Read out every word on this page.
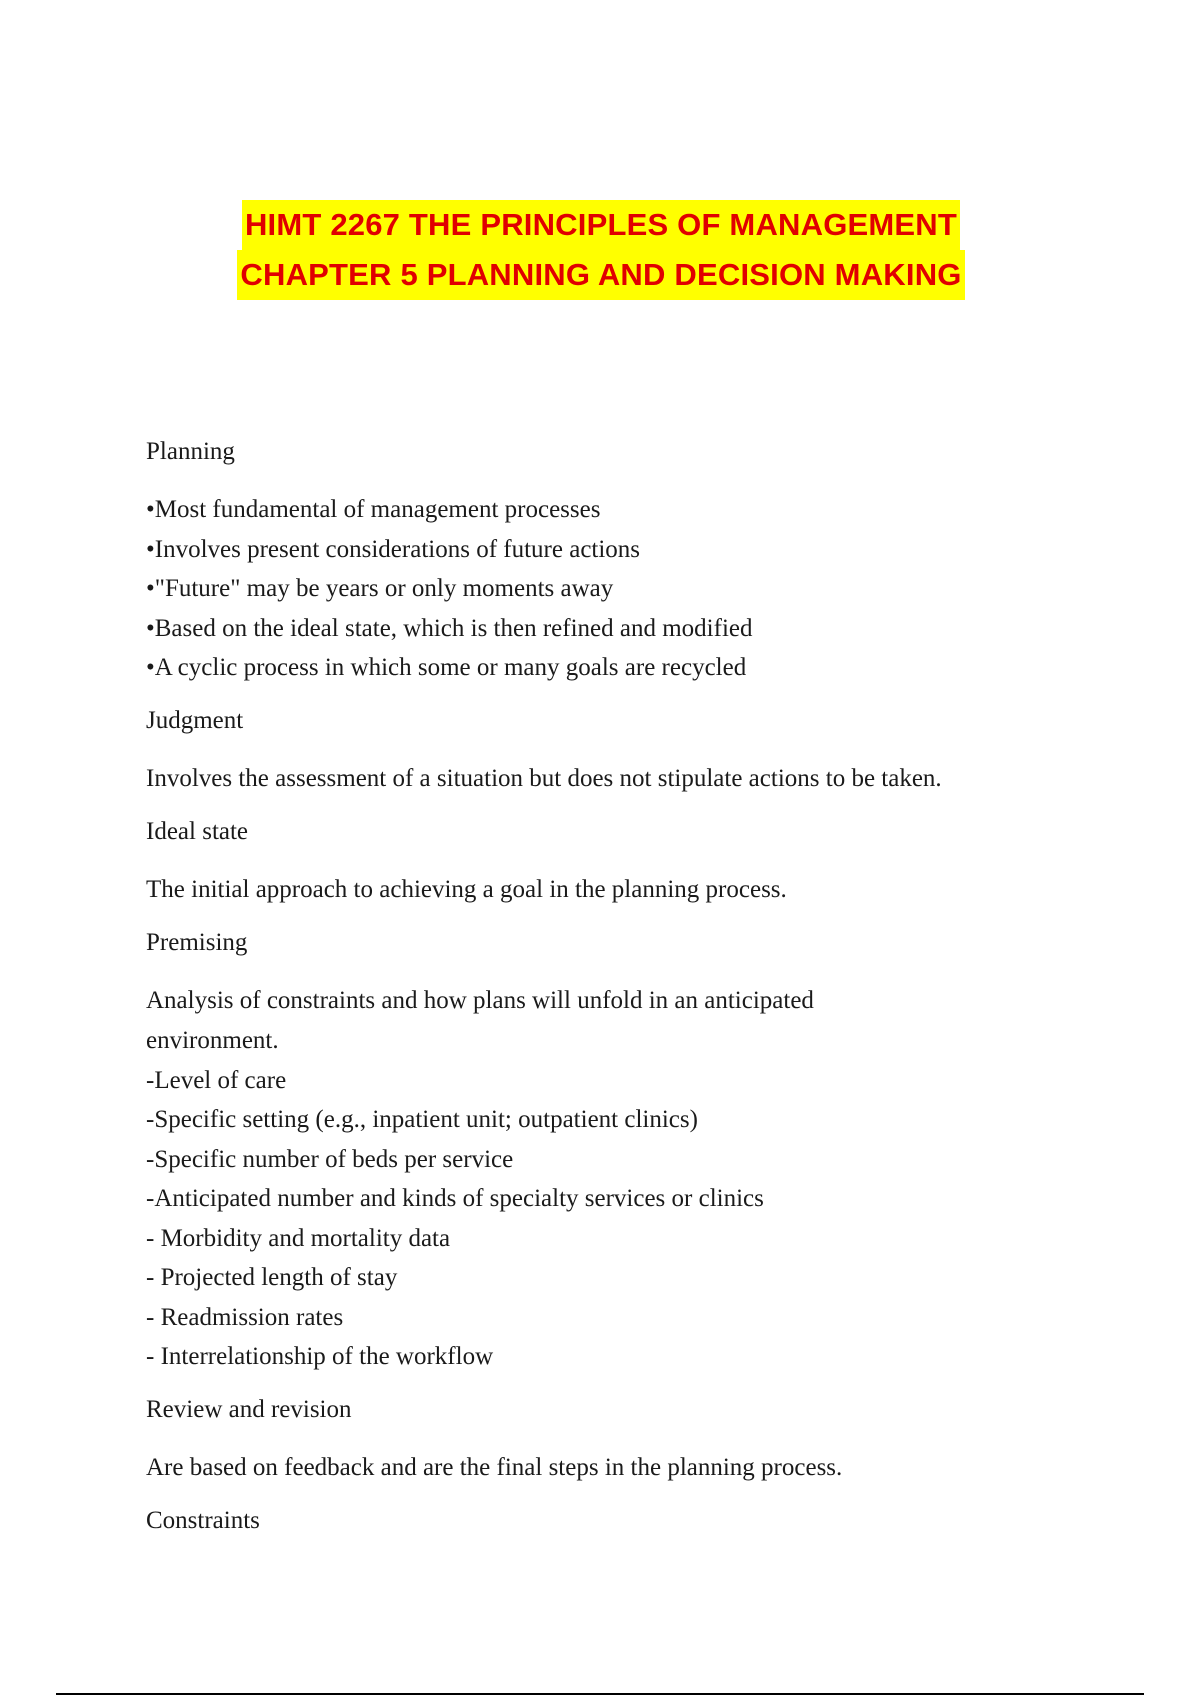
HIMT 2267 THE PRINCIPLES OF MANAGEMENT
CHAPTER 5 PLANNING AND DECISION MAKING
Planning
•Most fundamental of management processes
•Involves present considerations of future actions
•"Future" may be years or only moments away
•Based on the ideal state, which is then refined and modified
•A cyclic process in which some or many goals are recycled
Judgment
Involves the assessment of a situation but does not stipulate actions to be taken.
Ideal state
The initial approach to achieving a goal in the planning process.
Premising
Analysis of constraints and how plans will unfold in an anticipated environment.
-Level of care
-Specific setting (e.g., inpatient unit; outpatient clinics)
-Specific number of beds per service
-Anticipated number and kinds of specialty services or clinics
- Morbidity and mortality data
- Projected length of stay
- Readmission rates
- Interrelationship of the workflow
Review and revision
Are based on feedback and are the final steps in the planning process.
Constraints
